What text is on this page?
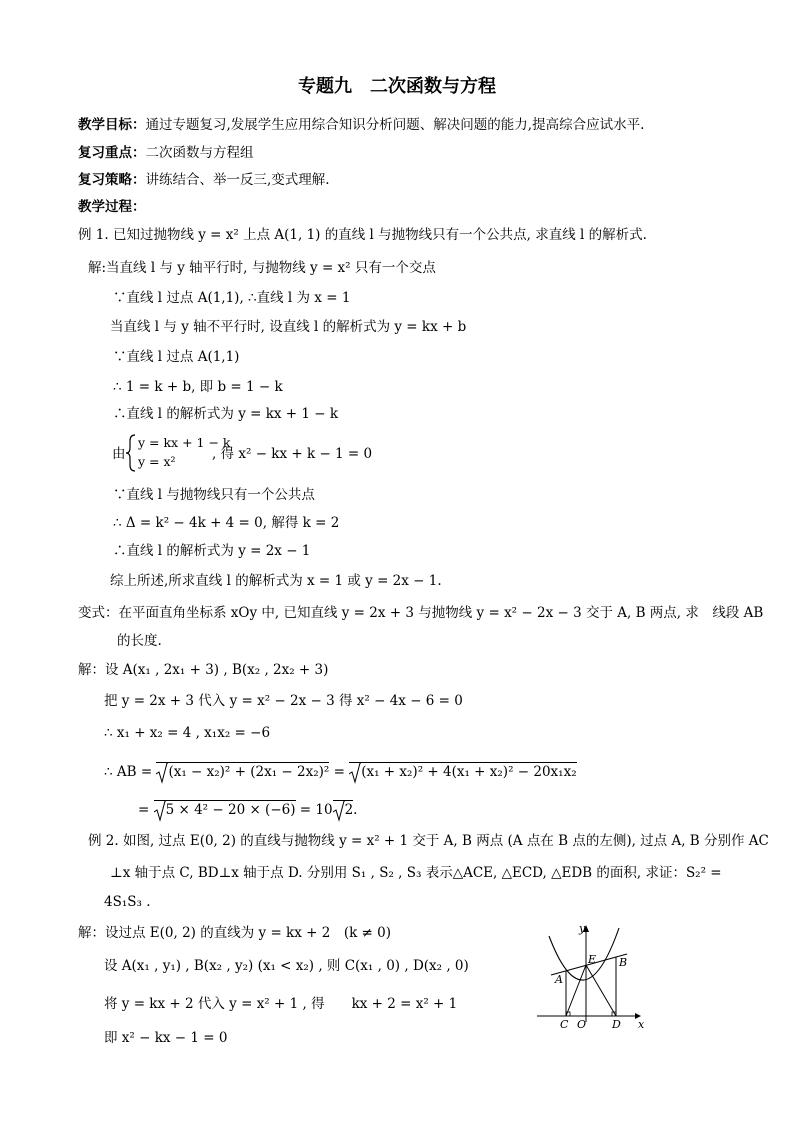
专题九　二次函数与方程
教学目标：通过专题复习,发展学生应用综合知识分析问题、解决问题的能力,提高综合应试水平.
复习重点：二次函数与方程组
复习策略：讲练结合、举一反三,变式理解.
教学过程：
例 1. 已知过抛物线 y = x² 上点 A(1, 1) 的直线 l 与抛物线只有一个公共点, 求直线 l 的解析式.
解:当直线 l 与 y 轴平行时, 与抛物线 y = x² 只有一个交点
∵直线 l 过点 A(1,1), ∴直线 l 为 x = 1
当直线 l 与 y 轴不平行时, 设直线 l 的解析式为 y = kx + b
∵直线 l 过点 A(1,1)
∴ 1 = k + b, 即 b = 1 − k
∴直线 l 的解析式为 y = kx + 1 − k
由
y = kx + 1 − k
y = x²	, 得 x² − kx + k − 1 = 0
∵直线 l 与抛物线只有一个公共点
∴ Δ = k² − 4k + 4 = 0, 解得 k = 2
∴直线 l 的解析式为 y = 2x − 1
综上所述,所求直线 l 的解析式为 x = 1 或 y = 2x − 1.
变式：在平面直角坐标系 xOy 中, 已知直线 y = 2x + 3 与抛物线 y = x² − 2x − 3 交于 A, B 两点, 求　线段 AB
的长度.
解：设 A(x₁ , 2x₁ + 3) , B(x₂ , 2x₂ + 3)
把 y = 2x + 3 代入 y = x² − 2x − 3 得 x² − 4x − 6 = 0
∴ x₁ + x₂ = 4 , x₁x₂ = −6
∴ AB =
(x₁ − x₂)² + (2x₁ − 2x₂)² =
(x₁ + x₂)² + 4(x₁ + x₂)² − 20x₁x₂
=
5 × 4² − 20 × (−6) = 10 2.
例 2. 如图, 过点 E(0, 2) 的直线与抛物线 y = x² + 1 交于 A, B 两点 (A 点在 B 点的左侧), 过点 A, B 分别作 AC
⊥x 轴于点 C, BD⊥x 轴于点 D. 分别用 S₁ , S₂ , S₃ 表示△ACE, △ECD, △EDB 的面积, 求证：S₂² =
4S₁S₃ .
解：设过点 E(0, 2) 的直线为 y = kx + 2　(k ≠ 0)
设 A(x₁ , y₁) , B(x₂ , y₂) (x₁ < x₂) , 则 C(x₁ , 0) , D(x₂ , 0)
将 y = kx + 2 代入 y = x² + 1 , 得　　kx + 2 = x² + 1
即 x² − kx − 1 = 0
y
x
E B
A
C O D
